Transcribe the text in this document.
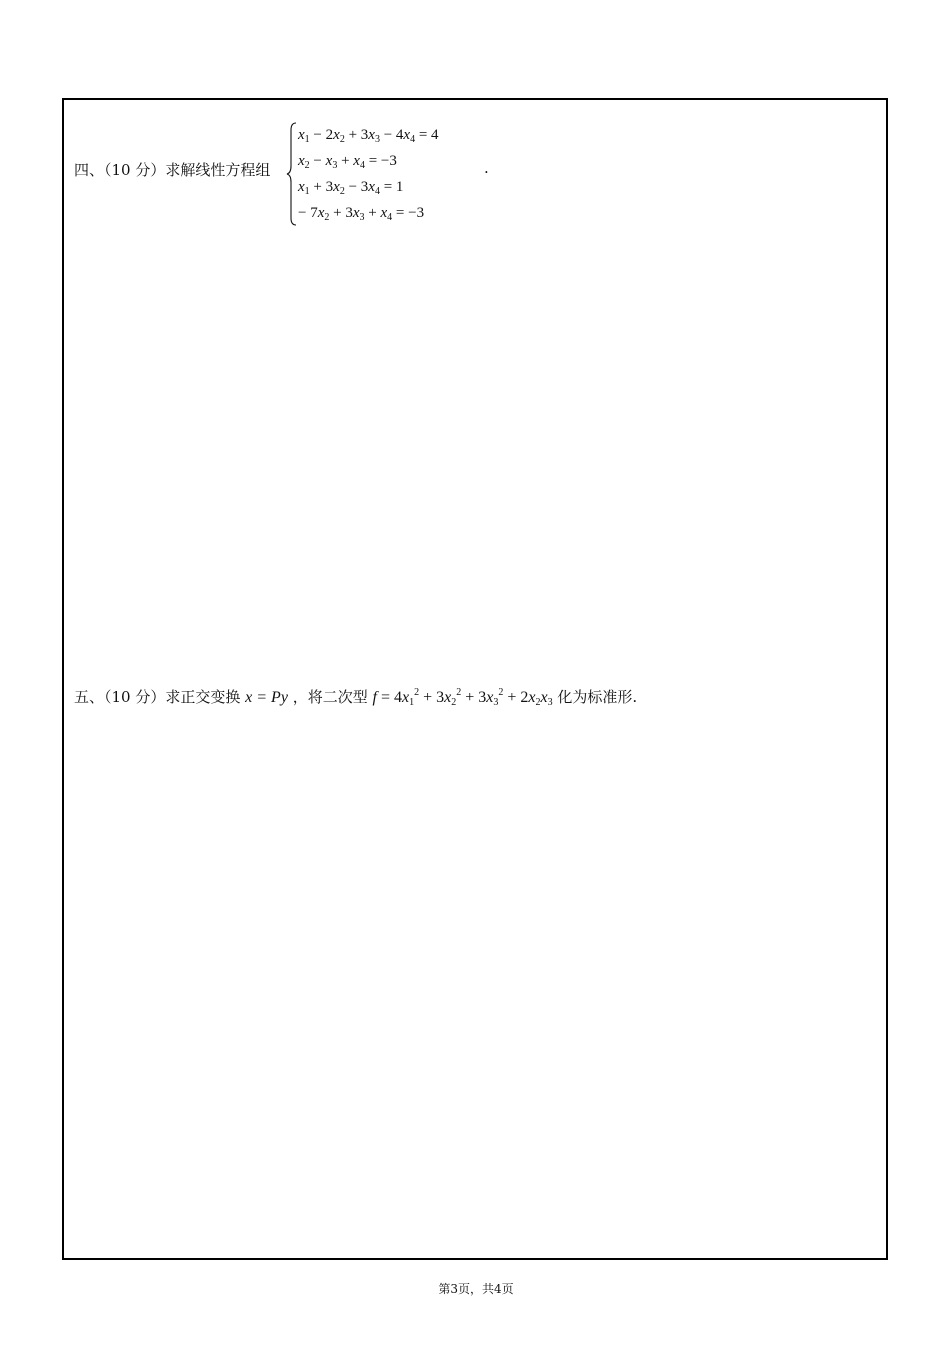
四、（10 分）求解线性方程组
$x_1 - 2x_2 + 3x_3 - 4x_4 = 4$
$x_2 - x_3 + x_4 = -3$
$x_1 + 3x_2 - 3x_4 = 1$
− $7x_2 + 3x_3 + x_4 = -3$
.
五、（10 分）求正交变换 x = Py ，将二次型 $f = 4x_1^2 + 3x_2^2 + 3x_3^2 + 2x_2x_3$ 化为标准形.
第3页，共4页
